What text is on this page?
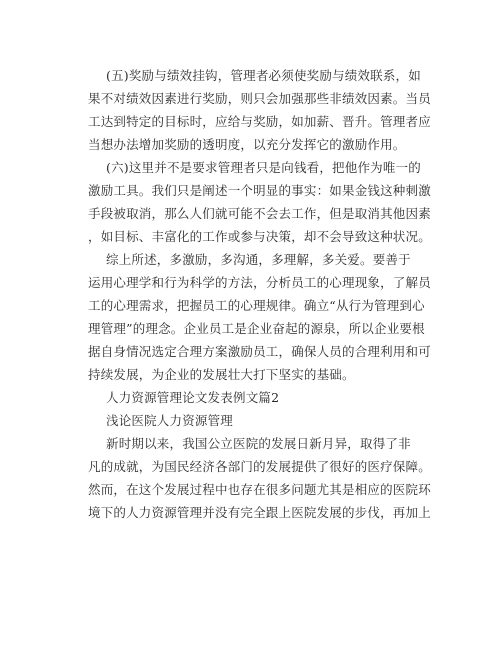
(五)奖励与绩效挂钩，管理者必须使奖励与绩效联系，如
果不对绩效因素进行奖励，则只会加强那些非绩效因素。当员
工达到特定的目标时，应给与奖励，如加薪、晋升。管理者应
当想办法增加奖励的透明度，以充分发挥它的激励作用。
(六)这里并不是要求管理者只是向钱看，把他作为唯一的
激励工具。我们只是阐述一个明显的事实：如果金钱这种刺激
手段被取消，那么人们就可能不会去工作，但是取消其他因素
，如目标、丰富化的工作或参与决策，却不会导致这种状况。
综上所述，多激励，多沟通，多理解，多关爱。要善于
运用心理学和行为科学的方法，分析员工的心理现象，了解员
工的心理需求，把握员工的心理规律。确立“从行为管理到心
理管理”的理念。企业员工是企业奋起的源泉，所以企业要根
据自身情况选定合理方案激励员工，确保人员的合理利用和可
持续发展，为企业的发展壮大打下坚实的基础。
人力资源管理论文发表例文篇2
浅论医院人力资源管理
新时期以来，我国公立医院的发展日新月异，取得了非
凡的成就，为国民经济各部门的发展提供了很好的医疗保障。
然而，在这个发展过程中也存在很多问题尤其是相应的医院环
境下的人力资源管理并没有完全跟上医院发展的步伐，再加上
